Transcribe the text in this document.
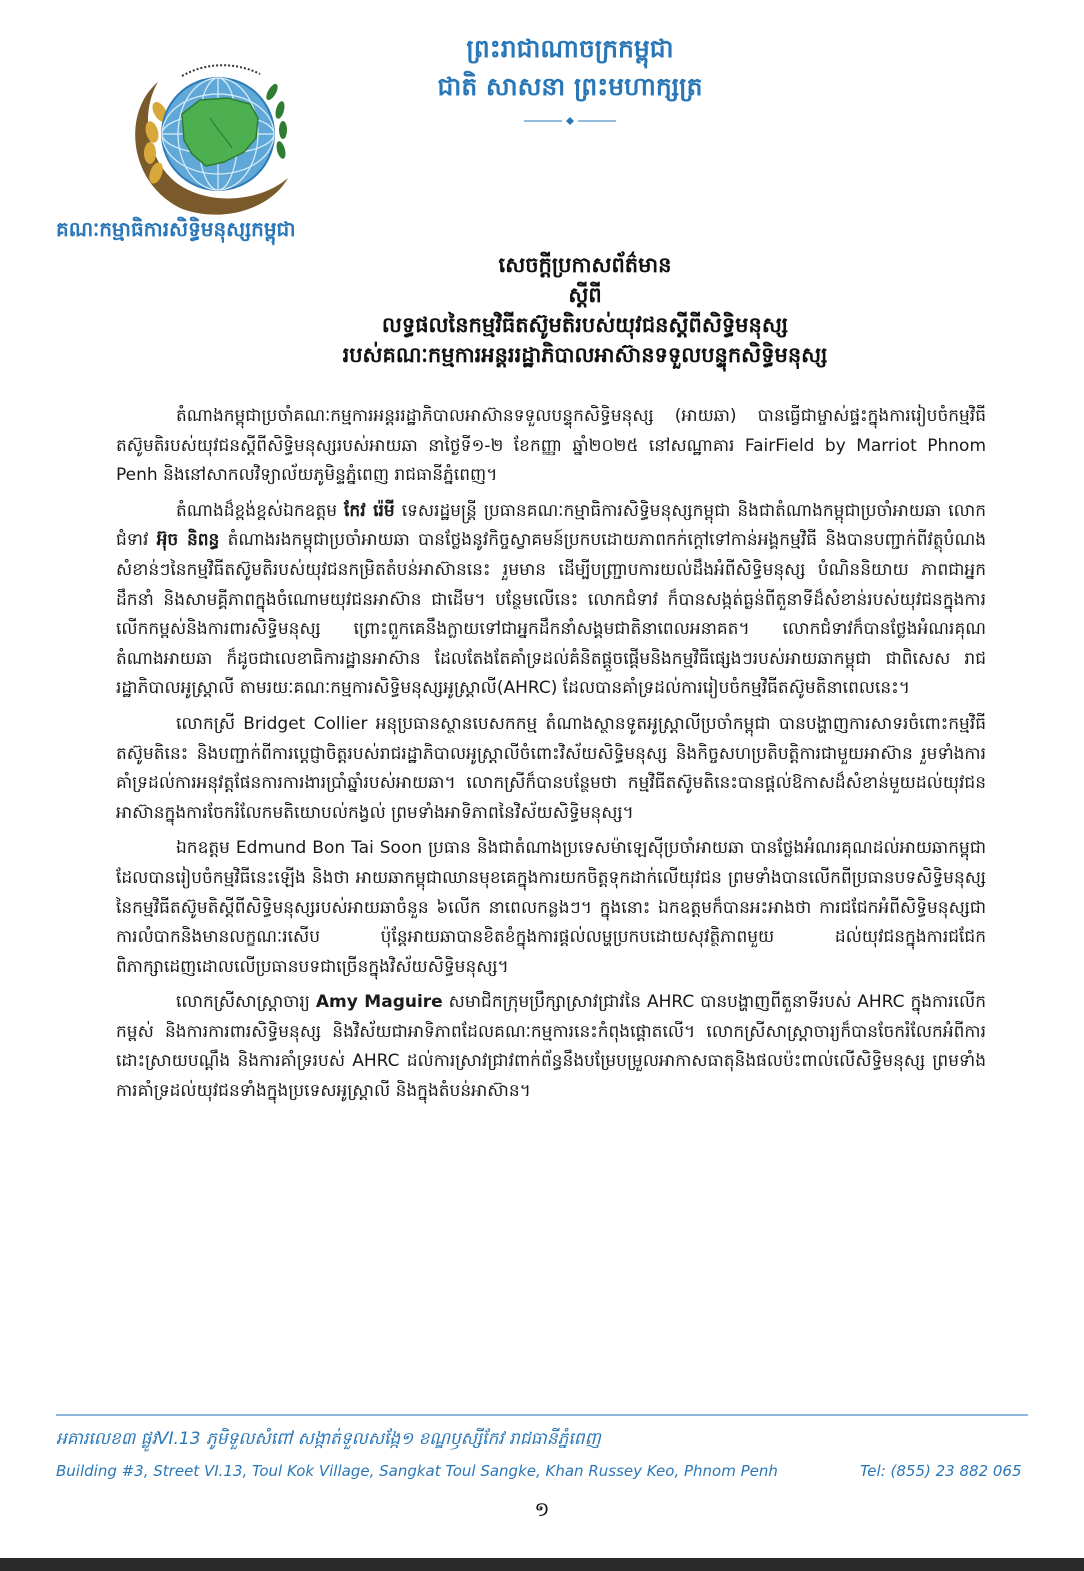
គណៈកម្មាធិការសិទ្ធិមនុស្សកម្ពុជា
ព្រះរាជាណាចក្រកម្ពុជា
ជាតិ សាសនា ព្រះមហាក្សត្រ
សេចក្តីប្រកាសព័ត៌មាន
ស្តីពី
លទ្ធផលនៃកម្មវិធីតស៊ូមតិរបស់យុវជនស្តីពីសិទ្ធិមនុស្ស
របស់គណៈកម្មការអន្តររដ្ឋាភិបាលអាស៊ានទទួលបន្ទុកសិទ្ធិមនុស្ស

តំណាងកម្ពុជាប្រចាំគណៈកម្មការអន្តររដ្ឋាភិបាលអាស៊ានទទួលបន្ទុកសិទ្ធិមនុស្ស (អាយឆា) បានធ្វើជាម្ចាស់ផ្ទះក្នុងការរៀបចំកម្មវិធីតស៊ូមតិរបស់យុវជនស្តីពីសិទ្ធិមនុស្សរបស់អាយឆា នាថ្ងៃទី១-២ ខែកញ្ញា ឆ្នាំ២០២៥ នៅសណ្ឋាគារ FairField by Marriot Phnom Penh និងនៅសាកលវិទ្យាល័យភូមិន្ទភ្នំពេញ រាជធានីភ្នំពេញ។

តំណាងដ៏ខ្ពង់ខ្ពស់ឯកឧត្តម កែវ រ៉េមី ទេសរដ្ឋមន្ត្រី ប្រធានគណៈកម្មាធិការសិទ្ធិមនុស្សកម្ពុជា និងជាតំណាងកម្ពុជាប្រចាំអាយឆា លោកជំទាវ អ៊ុច និពន្ធ តំណាងរងកម្ពុជាប្រចាំអាយឆា បានថ្លែងនូវកិច្ចស្វាគមន៍ប្រកបដោយភាពកក់ក្ដៅទៅកាន់អង្គកម្មវិធី និងបានបញ្ជាក់ពីវត្ថុបំណងសំខាន់ៗនៃកម្មវិធីតស៊ូមតិរបស់យុវជនកម្រិតតំបន់អាស៊ាននេះ រួមមាន ដើម្បីបញ្ជ្រាបការយល់ដឹងអំពីសិទ្ធិមនុស្ស បំណិននិយាយ ភាពជាអ្នកដឹកនាំ និងសាមគ្គីភាពក្នុងចំណោមយុវជនអាស៊ាន ជាដើម។ បន្ថែមលើនេះ លោកជំទាវ ក៏បានសង្កត់ធ្ងន់ពីតួនាទីដ៏សំខាន់របស់យុវជនក្នុងការលើកកម្ពស់និងការពារសិទ្ធិមនុស្ស ព្រោះពួកគេនឹងក្លាយទៅជាអ្នកដឹកនាំសង្គមជាតិនាពេលអនាគត។ លោកជំទាវក៏បានថ្លែងអំណរគុណតំណាងអាយឆា ក៏ដូចជាលេខាធិការដ្ឋានអាស៊ាន ដែលតែងតែគាំទ្រដល់គំនិតផ្ដួចផ្ដើមនិងកម្មវិធីផ្សេងៗរបស់អាយឆាកម្ពុជា ជាពិសេស រាជរដ្ឋាភិបាលអូស្ត្រាលី តាមរយៈគណៈកម្មការសិទ្ធិមនុស្សអូស្ត្រាលី(AHRC) ដែលបានគាំទ្រដល់ការរៀបចំកម្មវិធីតស៊ូមតិនាពេលនេះ។

លោកស្រី Bridget Collier អនុប្រធានស្ថានបេសកកម្ម តំណាងស្ថានទូតអូស្ត្រាលីប្រចាំកម្ពុជា បានបង្ហាញការសាទរចំពោះកម្មវិធីតស៊ូមតិនេះ និងបញ្ជាក់ពីការប្ដេជ្ញាចិត្តរបស់រាជរដ្ឋាភិបាលអូស្ត្រាលីចំពោះវិស័យសិទ្ធិមនុស្ស និងកិច្ចសហប្រតិបត្តិការជាមួយអាស៊ាន រួមទាំងការគាំទ្រដល់ការអនុវត្តផែនការការងារប្រាំឆ្នាំរបស់អាយឆា។ លោកស្រីក៏បានបន្ថែមថា កម្មវិធីតស៊ូមតិនេះបានផ្ដល់ឱកាសដ៏សំខាន់មួយដល់យុវជនអាស៊ានក្នុងការចែករំលែកមតិយោបល់កង្វល់ ព្រមទាំងអាទិភាពនៃវិស័យសិទ្ធិមនុស្ស។

ឯកឧត្តម Edmund Bon Tai Soon ប្រធាន និងជាតំណាងប្រទេសម៉ាឡេស៊ីប្រចាំអាយឆា បានថ្លែងអំណរគុណដល់អាយឆាកម្ពុជាដែលបានរៀបចំកម្មវិធីនេះឡើង និងថា អាយឆាកម្ពុជាឈានមុខគេក្នុងការយកចិត្តទុកដាក់លើយុវជន ព្រមទាំងបានលើកពីប្រធានបទសិទ្ធិមនុស្សនៃកម្មវិធីតស៊ូមតិស្តីពីសិទ្ធិមនុស្សរបស់អាយឆាចំនួន ៦លើក នាពេលកន្លងៗ។ ក្នុងនោះ ឯកឧត្តមក៏បានអះអាងថា ការជជែកអំពីសិទ្ធិមនុស្សជាការលំបាកនិងមានលក្ខណៈរសើប ប៉ុន្តែអាយឆាបានខិតខំក្នុងការផ្ដល់លម្ហប្រកបដោយសុវត្ថិភាពមួយ ដល់យុវជនក្នុងការជជែកពិភាក្សាដេញដោលលើប្រធានបទជាច្រើនក្នុងវិស័យសិទ្ធិមនុស្ស។

លោកស្រីសាស្ត្រាចារ្យ Amy Maguire សមាជិកក្រុមប្រឹក្សាស្រាវជ្រាវនៃ AHRC បានបង្ហាញពីតួនាទីរបស់ AHRC ក្នុងការលើកកម្ពស់ និងការការពារសិទ្ធិមនុស្ស និងវិស័យជាអាទិភាពដែលគណៈកម្មការនេះកំពុងផ្ដោតលើ។ លោកស្រីសាស្ត្រាចារ្យក៏បានចែករំលែកអំពីការដោះស្រាយបណ្ដឹង និងការគាំទ្ររបស់ AHRC ដល់ការស្រាវជ្រាវពាក់ព័ន្ធនឹងបម្រែបម្រួលអាកាសធាតុនិងផលប៉ះពាល់លើសិទ្ធិមនុស្ស ព្រមទាំងការគាំទ្រដល់យុវជនទាំងក្នុងប្រទេសអូស្ត្រាលី និងក្នុងតំបន់អាស៊ាន។

អគារលេខ៣ ផ្លូវVI.13 ភូមិទួលសំពៅ សង្កាត់ទួលសង្កែ១ ខណ្ឌឫស្សីកែវ រាជធានីភ្នំពេញ
Building #3, Street VI.13, Toul Kok Village, Sangkat Toul Sangke, Khan Russey Keo, Phnom Penh	Tel: (855) 23 882 065
១
